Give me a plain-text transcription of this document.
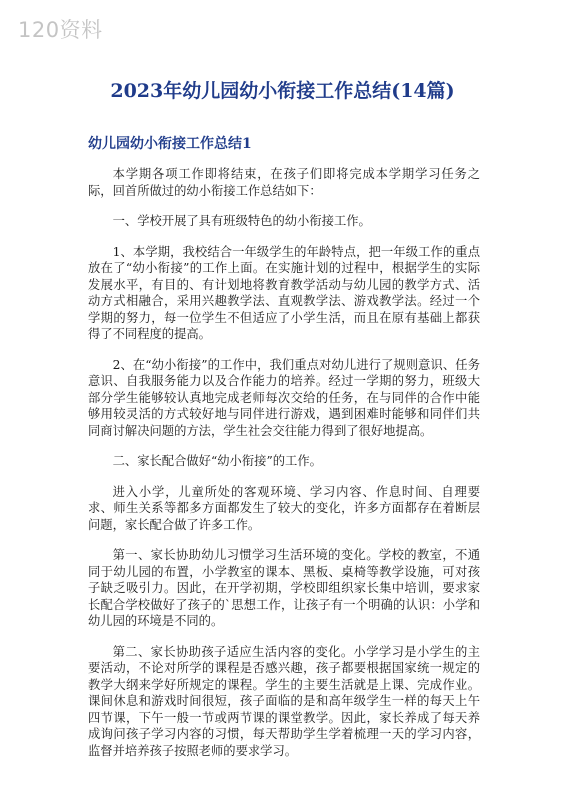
120资料
2023年幼儿园幼小衔接工作总结(14篇)
幼儿园幼小衔接工作总结1

本学期各项工作即将结束，在孩子们即将完成本学期学习任务之际，回首所做过的幼小衔接工作总结如下：

一、学校开展了具有班级特色的幼小衔接工作。

1、本学期，我校结合一年级学生的年龄特点，把一年级工作的重点放在了“幼小衔接”的工作上面。在实施计划的过程中，根据学生的实际发展水平，有目的、有计划地将教育教学活动与幼儿园的教学方式、活动方式相融合，采用兴趣教学法、直观教学法、游戏教学法。经过一个学期的努力，每一位学生不但适应了小学生活，而且在原有基础上都获得了不同程度的提高。

2、在“幼小衔接”的工作中，我们重点对幼儿进行了规则意识、任务意识、自我服务能力以及合作能力的培养。经过一学期的努力，班级大部分学生能够较认真地完成老师每次交给的任务，在与同伴的合作中能够用较灵活的方式较好地与同伴进行游戏，遇到困难时能够和同伴们共同商讨解决问题的方法，学生社会交往能力得到了很好地提高。

二、家长配合做好“幼小衔接”的工作。

进入小学，儿童所处的客观环境、学习内容、作息时间、自理要求、师生关系等都多方面都发生了较大的变化，许多方面都存在着断层问题，家长配合做了许多工作。

第一、家长协助幼儿习惯学习生活环境的变化。学校的教室，不通同于幼儿园的布置，小学教室的课本、黑板、桌椅等教学设施，可对孩子缺乏吸引力。因此，在开学初期，学校即组织家长集中培训，要求家长配合学校做好了孩子的`思想工作，让孩子有一个明确的认识：小学和幼儿园的环境是不同的。

第二、家长协助孩子适应生活内容的变化。小学学习是小学生的主要活动，不论对所学的课程是否感兴趣，孩子都要根据国家统一规定的教学大纲来学好所规定的课程。学生的主要生活就是上课、完成作业。课间休息和游戏时间很短，孩子面临的是和高年级学生一样的每天上午四节课，下午一般一节或两节课的课堂教学。因此，家长养成了每天养成询问孩子学习内容的习惯，每天帮助学生学着梳理一天的学习内容，监督并培养孩子按照老师的要求学习。
